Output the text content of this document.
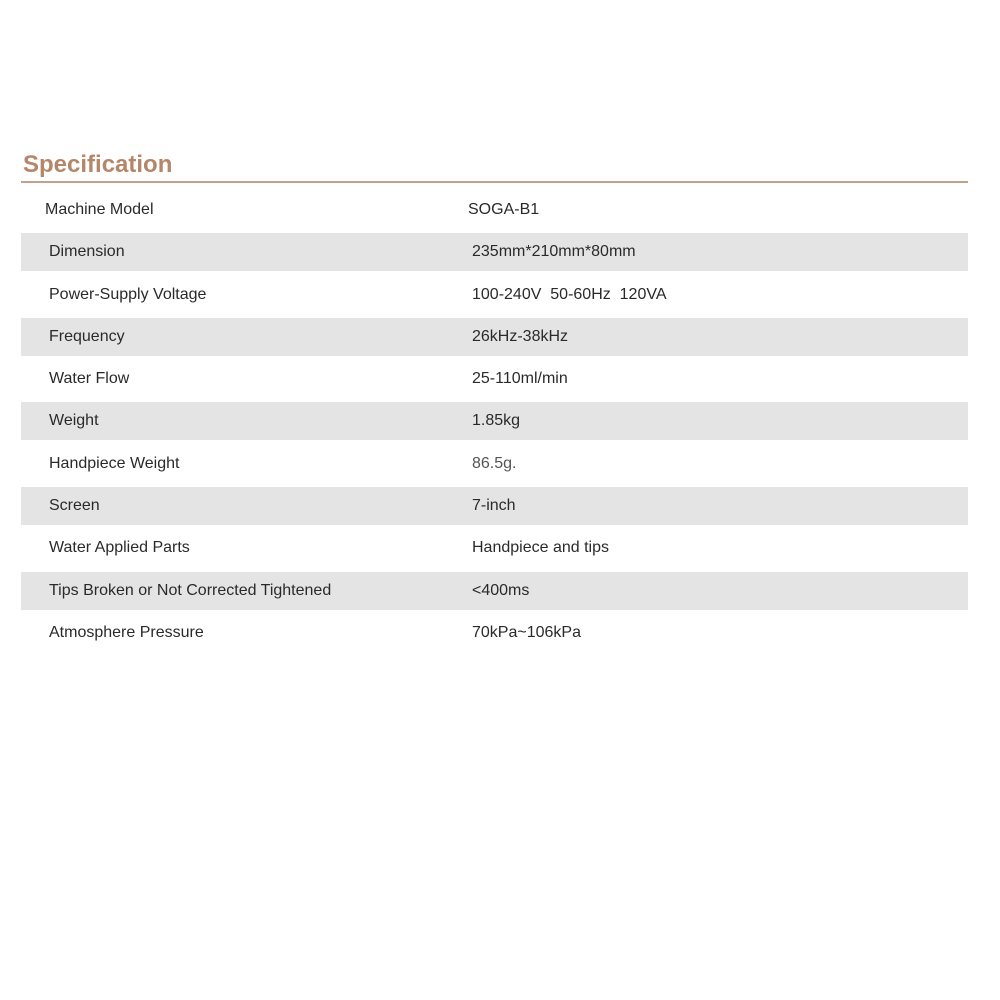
Specification
Machine Model	SOGA-B1
Dimension	235mm*210mm*80mm
Power-Supply Voltage	100-240V  50-60Hz  120VA
Frequency	26kHz-38kHz
Water Flow	25-110ml/min
Weight	1.85kg
Handpiece Weight	86.5g.
Screen	7-inch
Water Applied Parts	Handpiece and tips
Tips Broken or Not Corrected Tightened	<400ms
Atmosphere Pressure	70kPa~106kPa
